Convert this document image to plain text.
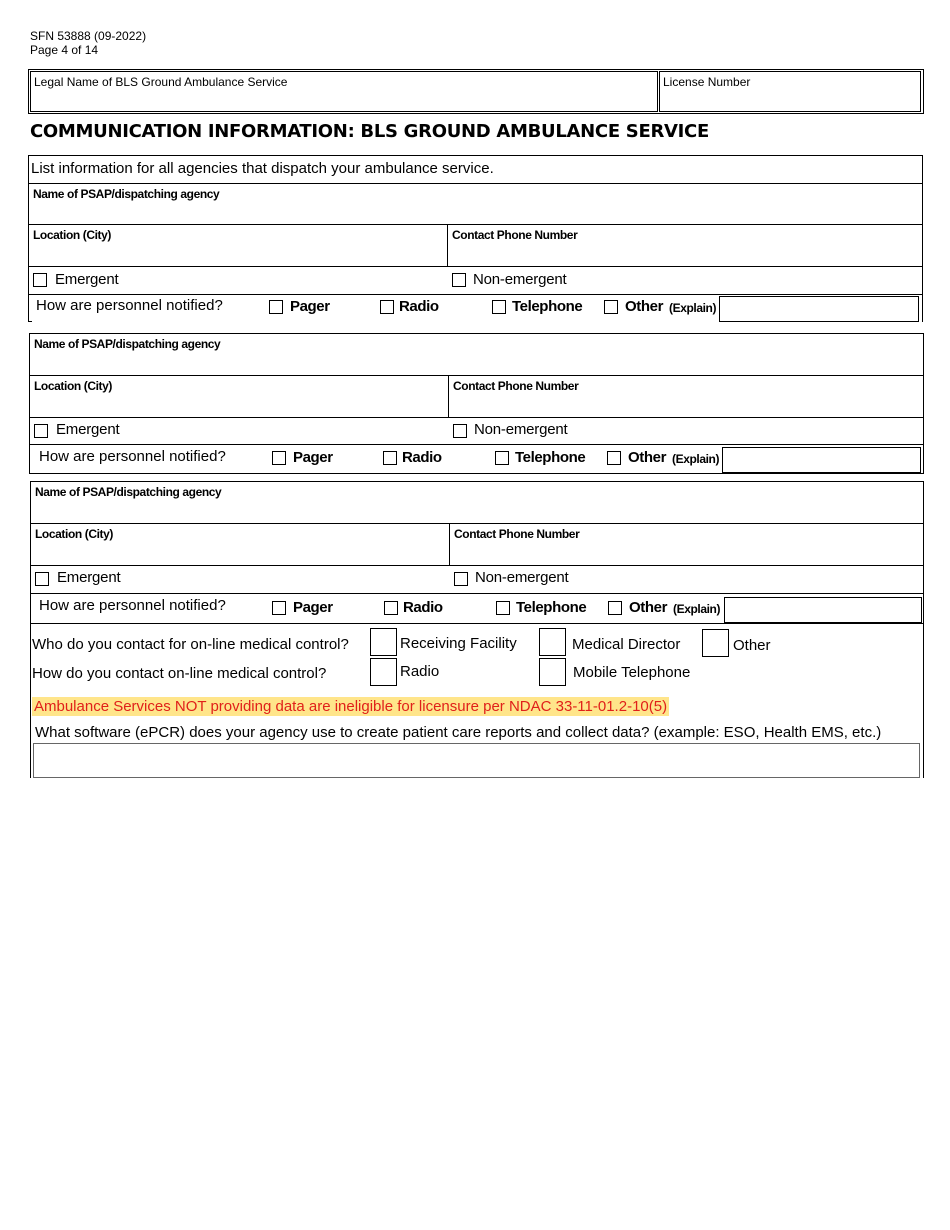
SFN 53888 (09-2022)
Page 4 of 14
Legal Name of BLS Ground Ambulance Service	License Number
COMMUNICATION INFORMATION: BLS GROUND AMBULANCE SERVICE
List information for all agencies that dispatch your ambulance service.
Name of PSAP/dispatching agency
Location (City)	Contact Phone Number
Emergent	Non-emergent
How are personnel notified?	Pager	Radio	Telephone	Other (Explain)
Name of PSAP/dispatching agency
Location (City)	Contact Phone Number
Emergent	Non-emergent
How are personnel notified?	Pager	Radio	Telephone	Other (Explain)
Name of PSAP/dispatching agency
Location (City)	Contact Phone Number
Emergent	Non-emergent
How are personnel notified?	Pager	Radio	Telephone	Other (Explain)
Who do you contact for on-line medical control?	Receiving Facility	Medical Director	Other
How do you contact on-line medical control?	Radio	Mobile Telephone
Ambulance Services NOT providing data are ineligible for licensure per NDAC 33-11-01.2-10(5)
What software (ePCR) does your agency use to create patient care reports and collect data? (example: ESO, Health EMS, etc.)
